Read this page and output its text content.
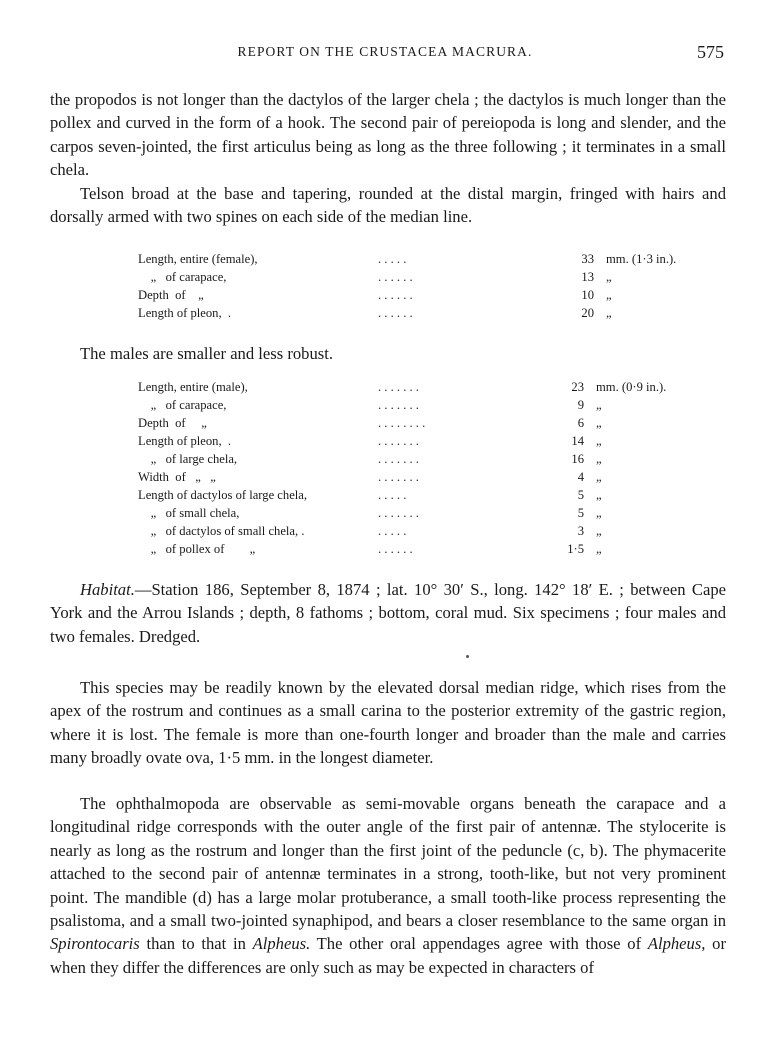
REPORT ON THE CRUSTACEA MACRURA.	575

the propodos is not longer than the dactylos of the larger chela ; the dactylos is much longer than the pollex and curved in the form of a hook. The second pair of pereiopoda is long and slender, and the carpos seven-jointed, the first articulus being as long as the three following ; it terminates in a small chela.

Telson broad at the base and tapering, rounded at the distal margin, fringed with hairs and dorsally armed with two spines on each side of the median line.

Length, entire (female),	. . . . .	33	mm. (1·3 in.).
„   of carapace,	. . . . . .	13	„
Depth  of    „	. . . . . .	10	„
Length of pleon,  .	. . . . . .	20	„

The males are smaller and less robust.

Length, entire (male),	. . . . . . .	23	mm. (0·9 in.).
„   of carapace,	. . . . . . .	9	„
Depth  of     „	. . . . . . . .	6	„
Length of pleon,  .	. . . . . . .	14	„
„   of large chela,	. . . . . . .	16	„
Width  of   „   „	. . . . . . .	4	„
Length of dactylos of large chela,	. . . . .	5	„
„   of small chela,	. . . . . . .	5	„
„   of dactylos of small chela, .	. . . . .	3	„
„   of pollex of        „	. . . . . .	1·5	„

Habitat.—Station 186, September 8, 1874 ; lat. 10° 30′ S., long. 142° 18′ E. ; between Cape York and the Arrou Islands ; depth, 8 fathoms ; bottom, coral mud. Six specimens ; four males and two females. Dredged.

This species may be readily known by the elevated dorsal median ridge, which rises from the apex of the rostrum and continues as a small carina to the posterior extremity of the gastric region, where it is lost. The female is more than one-fourth longer and broader than the male and carries many broadly ovate ova, 1·5 mm. in the longest diameter.

The ophthalmopoda are observable as semi-movable organs beneath the carapace and a longitudinal ridge corresponds with the outer angle of the first pair of antennæ. The stylocerite is nearly as long as the rostrum and longer than the first joint of the peduncle (c, b). The phymacerite attached to the second pair of antennæ terminates in a strong, tooth-like, but not very prominent point. The mandible (d) has a large molar protuberance, a small tooth-like process representing the psalistoma, and a small two-jointed synaphipod, and bears a closer resemblance to the same organ in Spirontocaris than to that in Alpheus. The other oral appendages agree with those of Alpheus, or when they differ the differences are only such as may be expected in characters of
